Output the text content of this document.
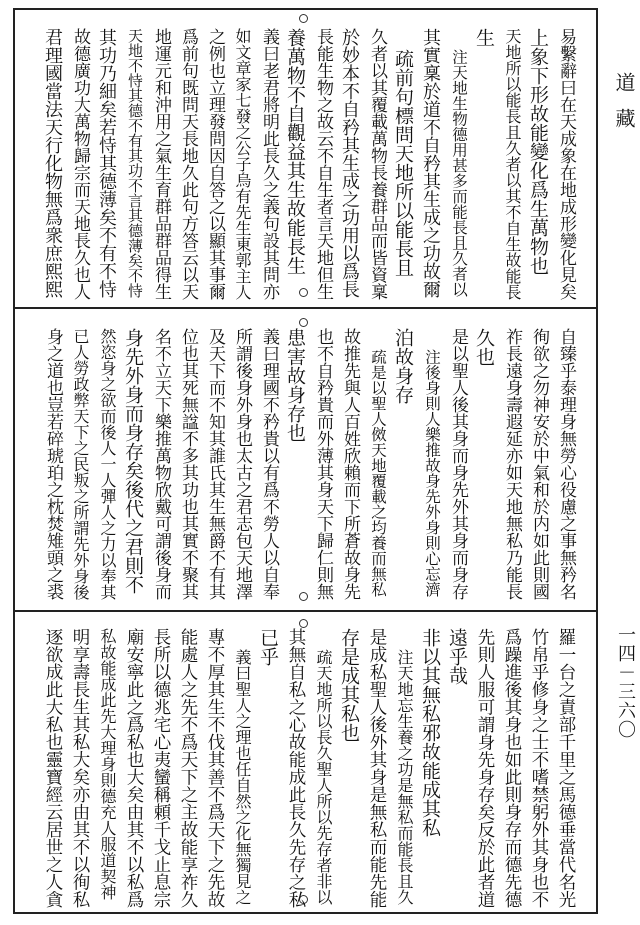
道
藏
一四－三六〇
易繫辭曰在天成象在地成形變化見矣
上象下形故能變化爲生萬物也
天地所以能長且久者以其不自生故能長
生
注天地生物德用甚多而能長且久者以
其實稟於道不自矜其生成之功故爾
疏前句標問天地所以能長且
久者以其覆載萬物長養群品而皆資稟
於妙本不自矜其生成之功用以爲長
長能生物之故云不自生者言天地但生
養萬物不自觀益其生故能長生
義曰老君將明此長久之義句設其問亦
如文章家七發之公子烏有先生東郭主人
之例也立理發問因自答之以顯其事爾
爲前句既問天長地久此句方答云以天
地運元和沖用之氣生育群品群品得生
天地不恃其德不有其功不言其德薄矣不恃
其功乃細矣若恃其德薄矣不有不恃
故德廣功大萬物歸宗而天地長久也人
君理國當法天行化物無爲衆庶熙熙
自臻乎泰理身無勞心役慮之事無矜名
徇欲之勿神安於中氣和於内如此則國
祚長遠身壽遐延亦如天地無私乃能長
久也
是以聖人後其身而身先外其身而身存
注後身則人樂推故身先外身則心忘濟
泊故身存
疏是以聖人傚天地覆載之均養而無私
故推先與人百姓欣賴而下所蒼故身先
也不自矜貴而外薄其身天下歸仁則無
患害故身存也
義曰理國不矜貴以有爲不勞人以自奉
所謂後身外身也太古之君志包天地澤
及天下而不知其誰氏其生無爵不有其
位也其死無諡不多其功也其實不聚其
名不立天下樂推萬物欣戴可謂後身而
身先外身而身存矣後代之君則不
然恣身之欲而後人一人彈人之力以奉其
已人勞政弊天下之民叛之所謂先外身後
身之道也豈若碎琥珀之枕焚雉頭之裘
羅一台之責部千里之馬德垂當代名光
竹帛乎修身之士不嗜禁躬外其身也不
爲躁進後其身也如此則身存而德先德
先則人服可謂身先身存矣反於此者道
遠乎哉
非以其無私邪故能成其私
注天地忘生養之功是無私而能長且久
是成私聖人後外其身是無私而能先能
存是成其私也
疏天地所以長久聖人所以先存者非以
其無自私之心故能成此長久先存之私
已乎
義曰聖人之理也任自然之化無獨見之
專不厚其生不伐其善不爲天下之先故
能處人之先不爲天下之主故能享祚久
長所以德兆宅心夷蠻稱頼千戈止息宗
廟安寧此之爲私也大矣由其不以私爲
私故能成此先大理身則德充人服道契神
明享壽長生其私大矣亦由其不以徇私
逐欲成此大私也靈寶經云居世之人貪
